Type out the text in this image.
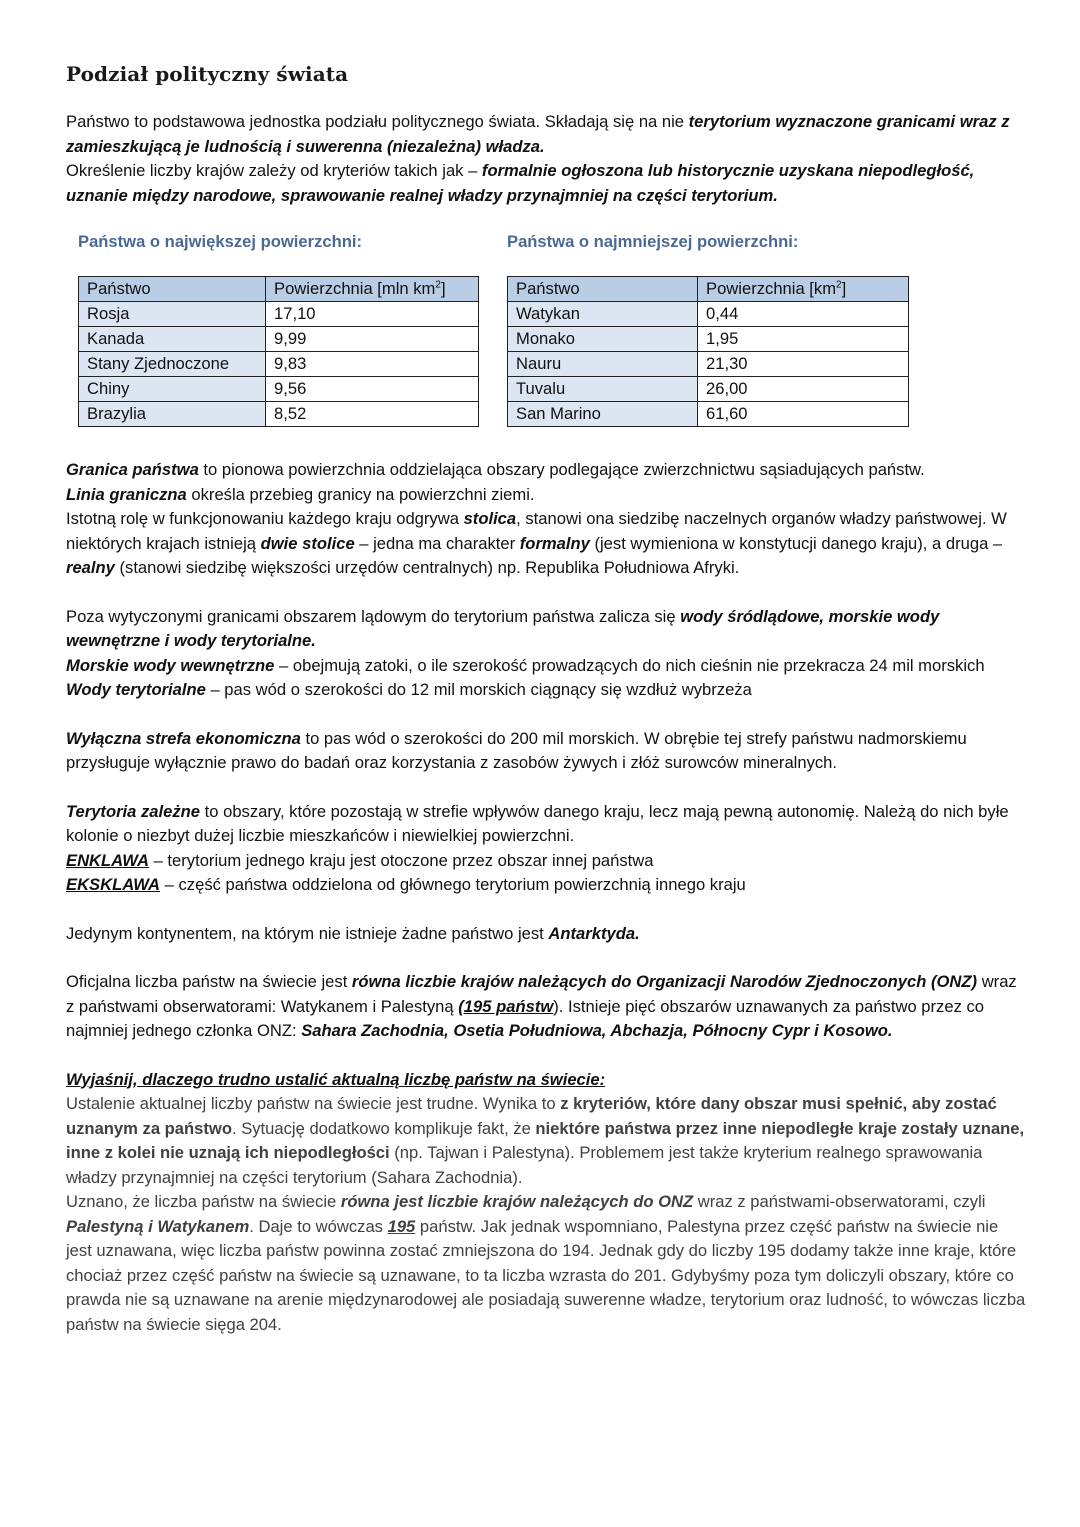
Podział polityczny świata

Państwo to podstawowa jednostka podziału politycznego świata. Składają się na nie terytorium wyznaczone granicami wraz z zamieszkującą je ludnością i suwerenna (niezależna) władza.

Określenie liczby krajów zależy od kryteriów takich jak – formalnie ogłoszona lub historycznie uzyskana niepodległość, uznanie między narodowe, sprawowanie realnej władzy przynajmniej na części terytorium.

Państwa o największej powierzchni:
Państwo	Powierzchnia [mln $km^2$]
Rosja	17,10
Kanada	9,99
Stany Zjednoczone	9,83
Chiny	9,56
Brazylia	8,52
Państwa o najmniejszej powierzchni:
Państwo	Powierzchnia $[km^2]$
Watykan	0,44
Monako	1,95
Nauru	21,30
Tuvalu	26,00
San Marino	61,60

Granica państwa to pionowa powierzchnia oddzielająca obszary podlegające zwierzchnictwu sąsiadujących państw.

Linia graniczna określa przebieg granicy na powierzchni ziemi.

Istotną rolę w funkcjonowaniu każdego kraju odgrywa stolica, stanowi ona siedzibę naczelnych organów władzy państwowej. W niektórych krajach istnieją dwie stolice – jedna ma charakter formalny (jest wymieniona w konstytucji danego kraju), a druga – realny (stanowi siedzibę większości urzędów centralnych) np. Republika Południowa Afryki.

Poza wytyczonymi granicami obszarem lądowym do terytorium państwa zalicza się wody śródlądowe, morskie wody wewnętrzne i wody terytorialne.

Morskie wody wewnętrzne – obejmują zatoki, o ile szerokość prowadzących do nich cieśnin nie przekracza 24 mil morskich

Wody terytorialne – pas wód o szerokości do 12 mil morskich ciągnący się wzdłuż wybrzeża

Wyłączna strefa ekonomiczna to pas wód o szerokości do 200 mil morskich. W obrębie tej strefy państwu nadmorskiemu przysługuje wyłącznie prawo do badań oraz korzystania z zasobów żywych i złóż surowców mineralnych.

Terytoria zależne to obszary, które pozostają w strefie wpływów danego kraju, lecz mają pewną autonomię. Należą do nich byłe kolonie o niezbyt dużej liczbie mieszkańców i niewielkiej powierzchni.

ENKLAWA – terytorium jednego kraju jest otoczone przez obszar innej państwa

EKSKLAWA – część państwa oddzielona od głównego terytorium powierzchnią innego kraju

Jedynym kontynentem, na którym nie istnieje żadne państwo jest Antarktyda.

Oficjalna liczba państw na świecie jest równa liczbie krajów należących do Organizacji Narodów Zjednoczonych (ONZ) wraz z państwami obserwatorami: Watykanem i Palestyną (195 państw). Istnieje pięć obszarów uznawanych za państwo przez co najmniej jednego członka ONZ: Sahara Zachodnia, Osetia Południowa, Abchazja, Północny Cypr i Kosowo.

Wyjaśnij, dlaczego trudno ustalić aktualną liczbę państw na świecie:

Ustalenie aktualnej liczby państw na świecie jest trudne. Wynika to z kryteriów, które dany obszar musi spełnić, aby zostać uznanym za państwo. Sytuację dodatkowo komplikuje fakt, że niektóre państwa przez inne niepodległe kraje zostały uznane, inne z kolei nie uznają ich niepodległości (np. Tajwan i Palestyna). Problemem jest także kryterium realnego sprawowania władzy przynajmniej na części terytorium (Sahara Zachodnia).

Uznano, że liczba państw na świecie równa jest liczbie krajów należących do ONZ wraz z państwami-obserwatorami, czyli Palestyną i Watykanem. Daje to wówczas 195 państw. Jak jednak wspomniano, Palestyna przez część państw na świecie nie jest uznawana, więc liczba państw powinna zostać zmniejszona do 194. Jednak gdy do liczby 195 dodamy także inne kraje, które chociaż przez część państw na świecie są uznawane, to ta liczba wzrasta do 201. Gdybyśmy poza tym doliczyli obszary, które co prawda nie są uznawane na arenie międzynarodowej ale posiadają suwerenne władze, terytorium oraz ludność, to wówczas liczba państw na świecie sięga 204.
